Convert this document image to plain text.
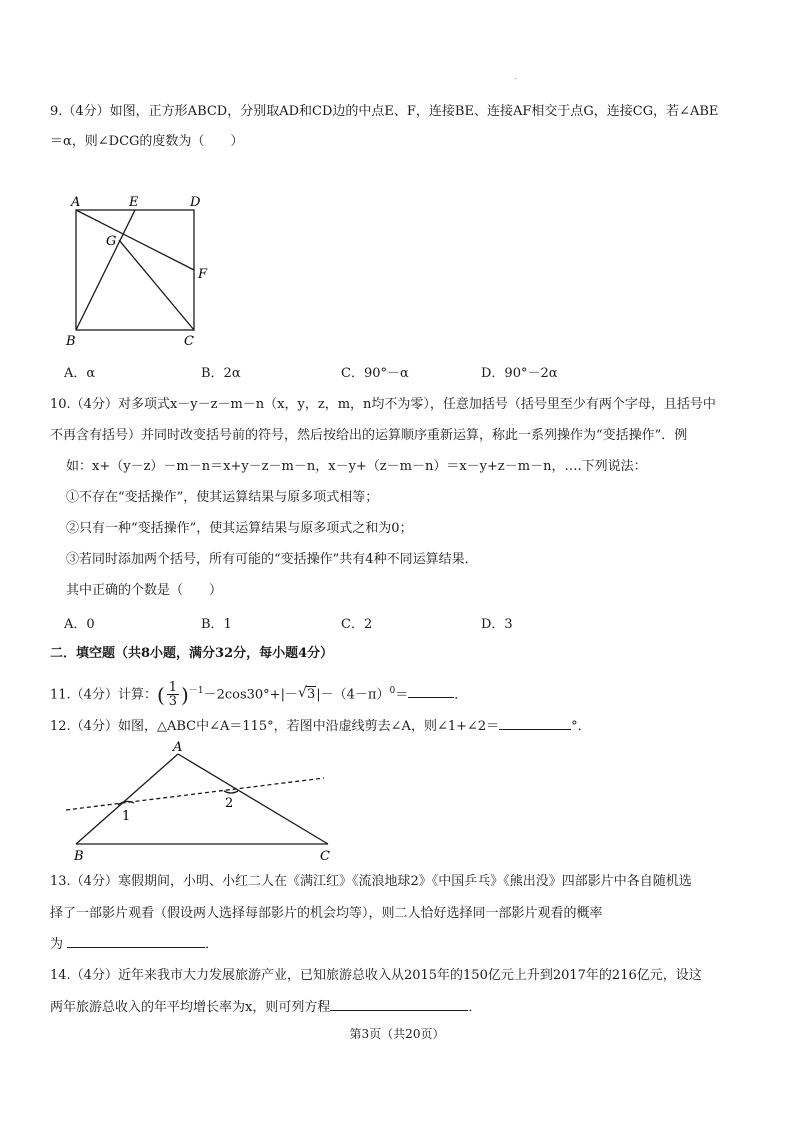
.
9.（4分）如图，正方形ABCD，分别取AD和CD边的中点E、F，连接BE、连接AF相交于点G，连接CG，若∠ABE
＝α，则∠DCG的度数为（　　）
A	E	D
G
F
B	C
A．α	B．2α	C．90°－α	D．90°－2α
10.（4分）对多项式x－y－z－m－n（x，y，z，m，n均不为零），任意加括号（括号里至少有两个字母，且括号中
不再含有括号）并同时改变括号前的符号，然后按给出的运算顺序重新运算，称此一系列操作为“变括操作”．例
如：x+（y－z）－m－n＝x+y－z－m－n，x－y+（z－m－n）＝x－y+z－m－n，….下列说法：
①不存在“变括操作”，使其运算结果与原多项式相等；
②只有一种“变括操作”，使其运算结果与原多项式之和为0；
③若同时添加两个括号，所有可能的“变括操作”共有4种不同运算结果．
其中正确的个数是（　　）
A．0	B．1	C．2	D．3
二．填空题（共8小题，满分32分，每小题4分）
11.（4分）计算：( $\frac{1}{3} )^{-1}-2\cos 30^\circ+|-$ √ $3|-(4-\pi)^0=$	．
12.（4分）如图，△ABC中∠A＝115°，若图中沿虚线剪去∠A，则∠1+∠2＝	°．
A
B	C
1
2
13.（4分）寒假期间，小明、小红二人在《满江红》《流浪地球2》《中国乒乓》《熊出没》四部影片中各自随机选
择了一部影片观看（假设两人选择每部影片的机会均等），则二人恰好选择同一部影片观看的概率
为	．
14.（4分）近年来我市大力发展旅游产业，已知旅游总收入从2015年的150亿元上升到2017年的216亿元，设这
两年旅游总收入的年平均增长率为x，则可列方程	．
第3页（共20页）
